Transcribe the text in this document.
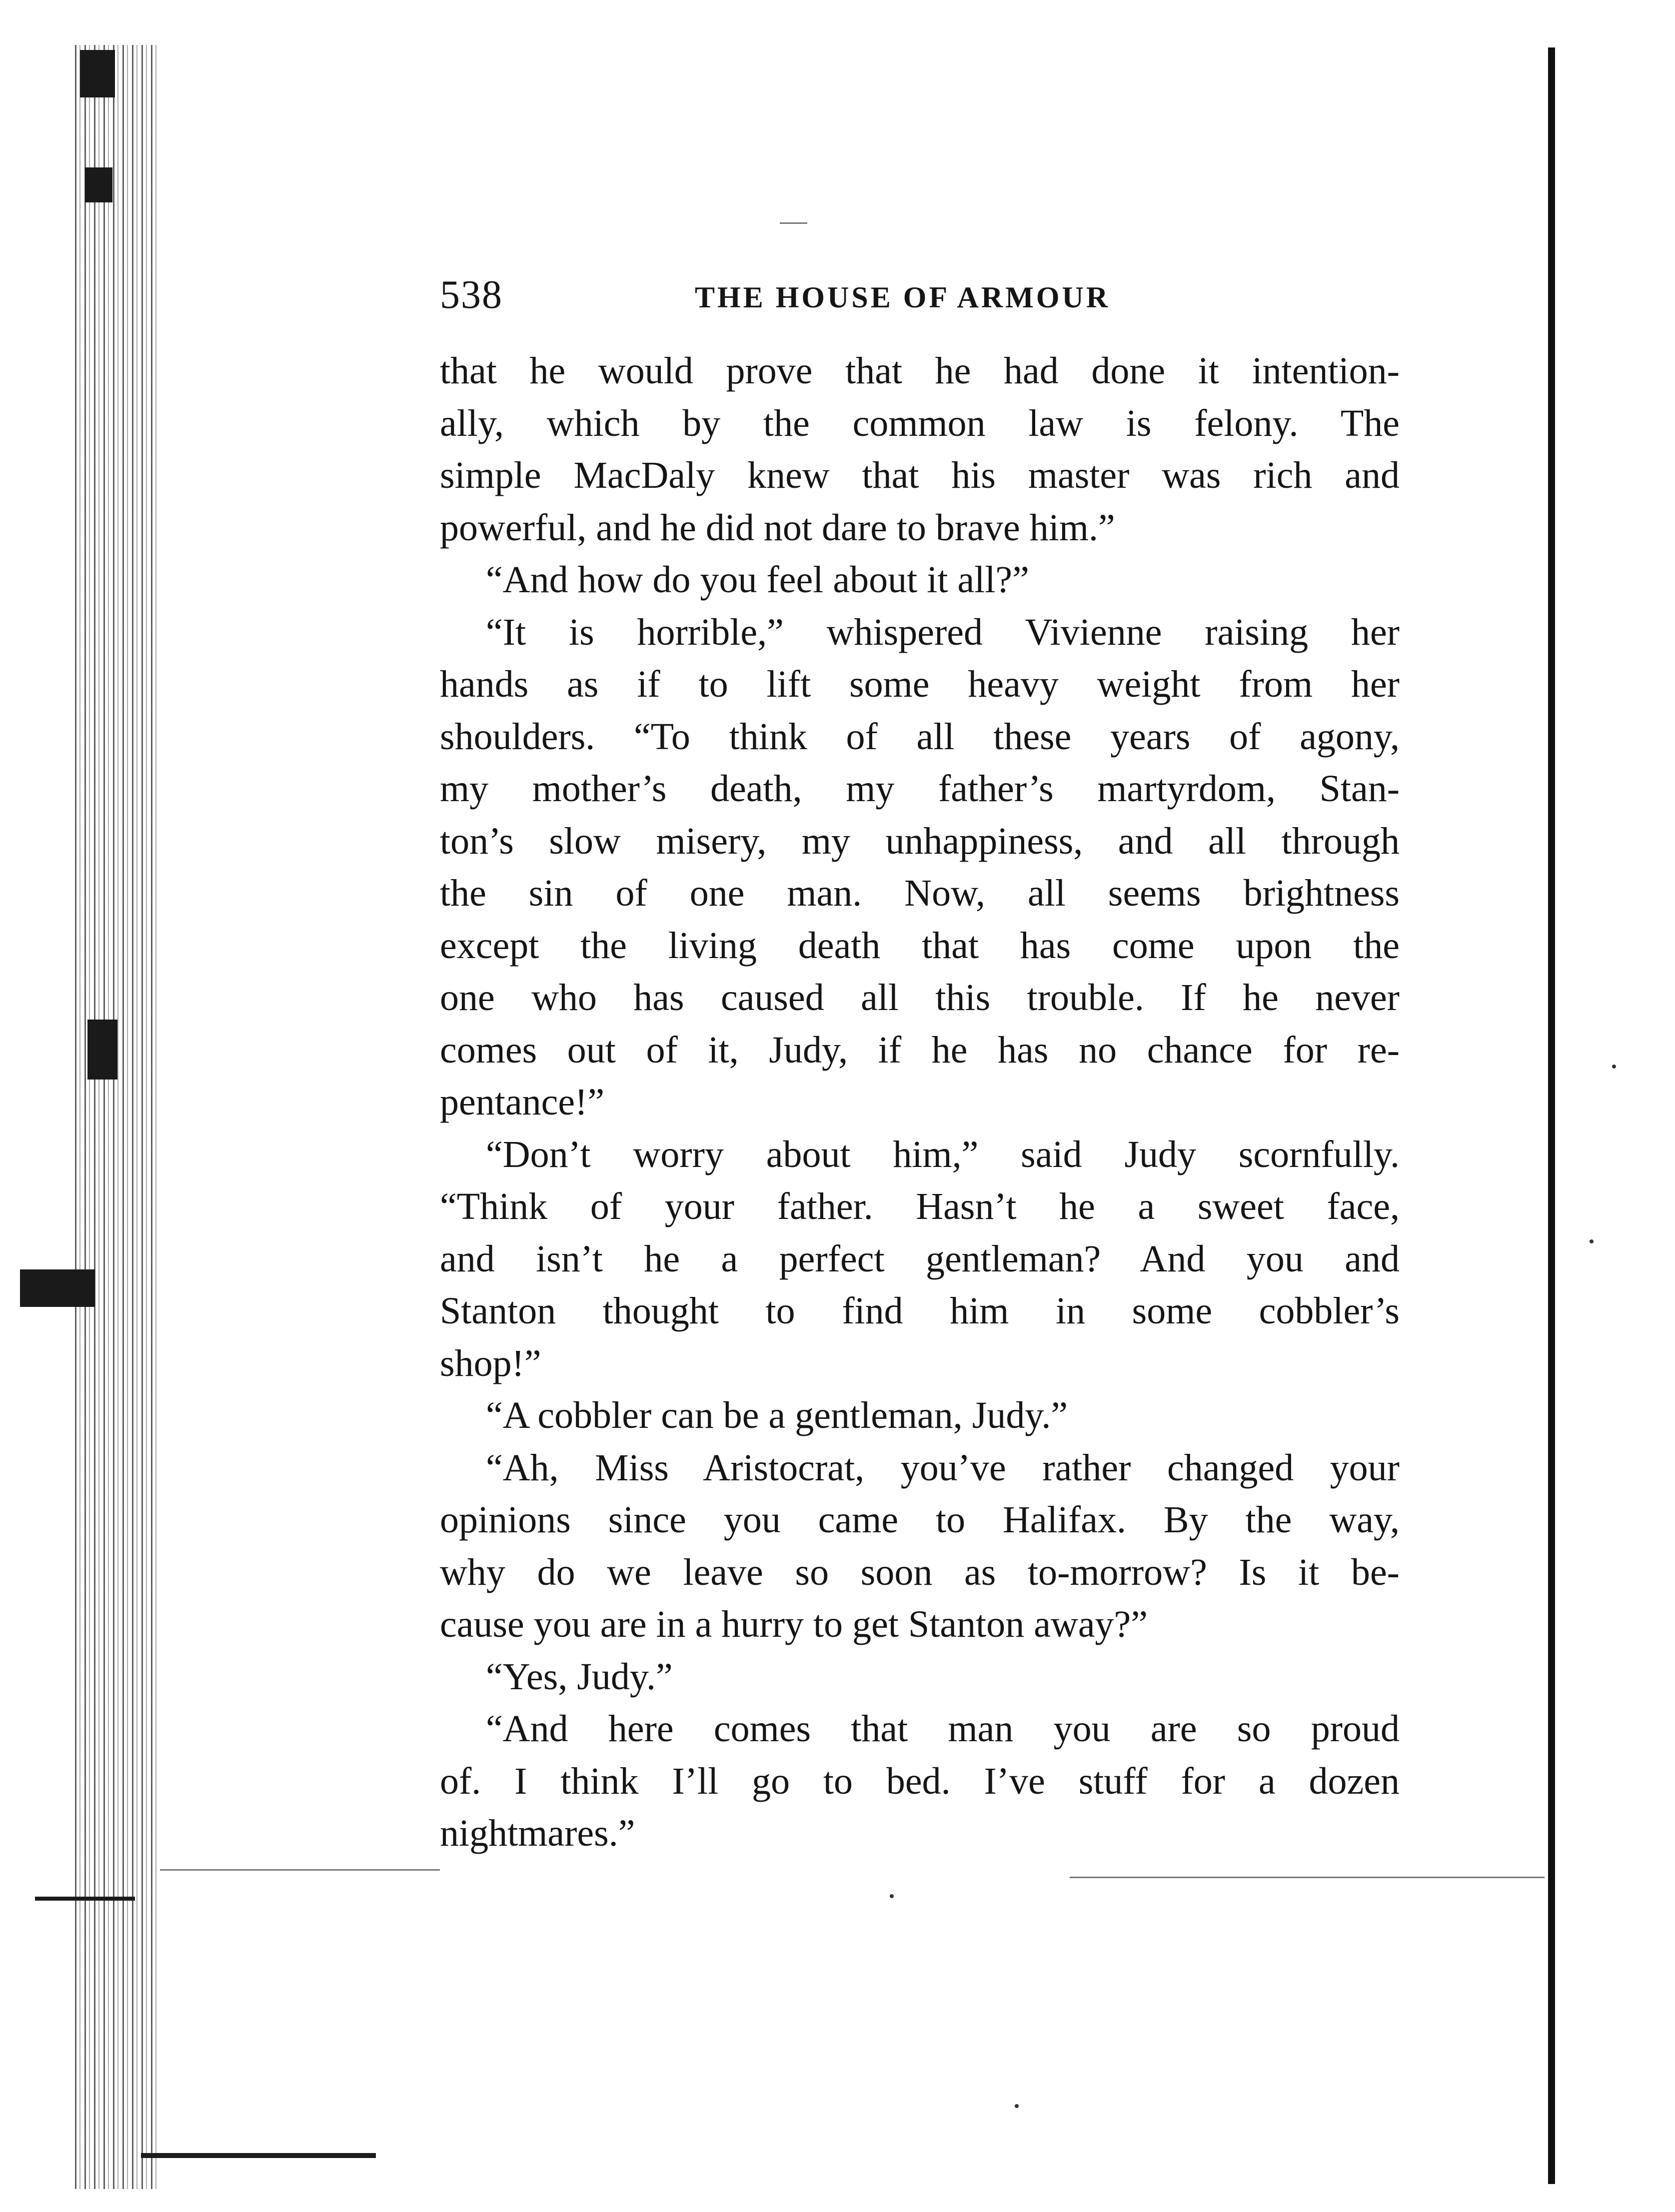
538	THE HOUSE OF ARMOUR
that he would prove that he had done it intention-
ally, which by the common law is felony. The
simple MacDaly knew that his master was rich and
powerful, and he did not dare to brave him.”
“And how do you feel about it all?”
“It is horrible,” whispered Vivienne raising her
hands as if to lift some heavy weight from her
shoulders. “To think of all these years of agony,
my mother’s death, my father’s martyrdom, Stan-
ton’s slow misery, my unhappiness, and all through
the sin of one man. Now, all seems brightness
except the living death that has come upon the
one who has caused all this trouble. If he never
comes out of it, Judy, if he has no chance for re-
pentance!”
“Don’t worry about him,” said Judy scornfully.
“Think of your father. Hasn’t he a sweet face,
and isn’t he a perfect gentleman? And you and
Stanton thought to find him in some cobbler’s
shop!”
“A cobbler can be a gentleman, Judy.”
“Ah, Miss Aristocrat, you’ve rather changed your
opinions since you came to Halifax. By the way,
why do we leave so soon as to-morrow? Is it be-
cause you are in a hurry to get Stanton away?”
“Yes, Judy.”
“And here comes that man you are so proud
of. I think I’ll go to bed. I’ve stuff for a dozen
nightmares.”
